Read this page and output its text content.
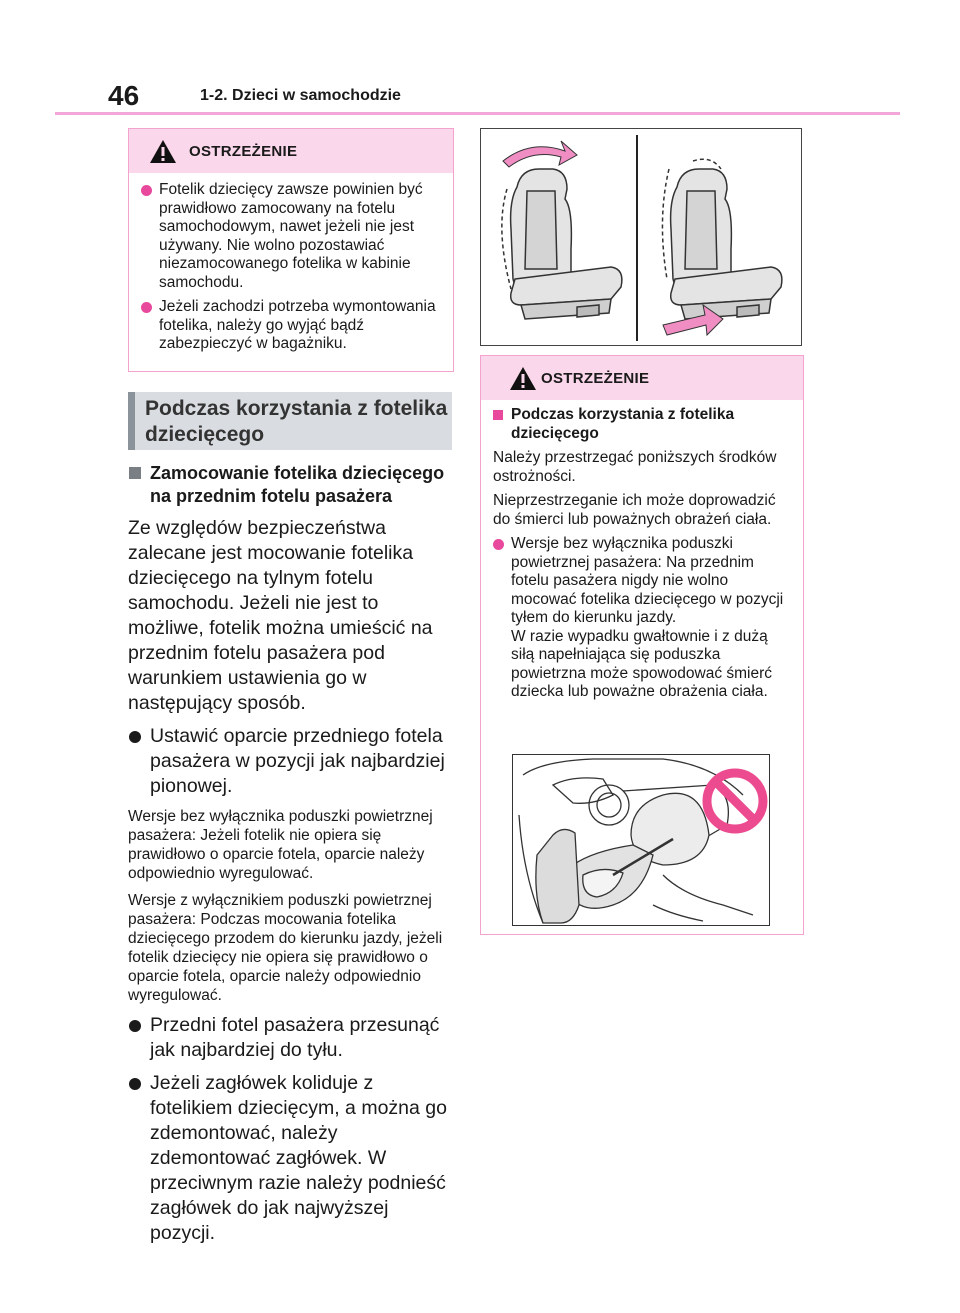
46	1-2. Dzieci w samochodzie
OSTRZEŻENIE
Fotelik dziecięcy zawsze powinien być prawidłowo zamocowany na fotelu samochodowym, nawet jeżeli nie jest używany. Nie wolno pozostawiać niezamocowanego fotelika w kabinie samochodu.
Jeżeli zachodzi potrzeba wymontowania fotelika, należy go wyjąć bądź zabezpieczyć w bagażniku.
Podczas korzystania z fotelika dziecięcego
Zamocowanie fotelika dziecięcego na przednim fotelu pasażera
Ze względów bezpieczeństwa zalecane jest mocowanie fotelika dziecięcego na tylnym fotelu samochodu. Jeżeli nie jest to możliwe, fotelik można umieścić na przednim fotelu pasażera pod warunkiem ustawienia go w następujący sposób.
Ustawić oparcie przedniego fotela pasażera w pozycji jak najbardziej pionowej.
Wersje bez wyłącznika poduszki powietrznej pasażera: Jeżeli fotelik nie opiera się prawidłowo o oparcie fotela, oparcie należy odpowiednio wyregulować.
Wersje z wyłącznikiem poduszki powietrznej pasażera: Podczas mocowania fotelika dziecięcego przodem do kierunku jazdy, jeżeli fotelik dziecięcy nie opiera się prawidłowo o oparcie fotela, oparcie należy odpowiednio wyregulować.
Przedni fotel pasażera przesunąć jak najbardziej do tyłu.
Jeżeli zagłówek koliduje z fotelikiem dziecięcym, a można go zdemontować, należy zdemontować zagłówek. W przeciwnym razie należy podnieść zagłówek do jak najwyższej pozycji.
OSTRZEŻENIE
Podczas korzystania z fotelika dziecięcego
Należy przestrzegać poniższych środków ostrożności.
Nieprzestrzeganie ich może doprowadzić do śmierci lub poważnych obrażeń ciała.
Wersje bez wyłącznika poduszki powietrznej pasażera: Na przednim fotelu pasażera nigdy nie wolno mocować fotelika dziecięcego w pozycji tyłem do kierunku jazdy.
W razie wypadku gwałtownie i z dużą siłą napełniająca się poduszka powietrzna może spowodować śmierć dziecka lub poważne obrażenia ciała.
